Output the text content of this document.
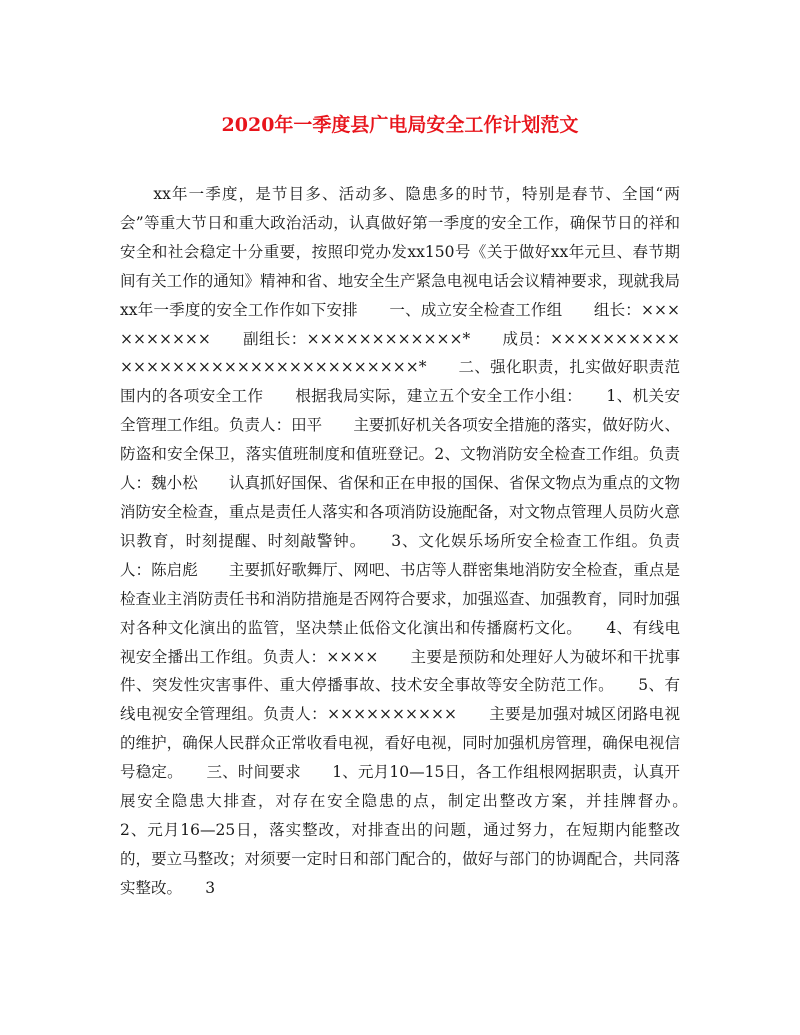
2020年一季度县广电局安全工作计划范文

　　xx年一季度，是节目多、活动多、隐患多的时节，特别是春节、全国“两会”等重大节日和重大政治活动，认真做好第一季度的安全工作，确保节日的祥和安全和社会稳定十分重要，按照印党办发xx150号《关于做好xx年元旦、春节期间有关工作的通知》精神和省、地安全生产紧急电视电话会议精神要求，现就我局xx年一季度的安全工作作如下安排　　一、成立安全检查工作组　　组长：××××××××××　　副组长：××××××××××××*　　成员：×××××××××××××××××××××××××××××××××*　　二、强化职责，扎实做好职责范围内的各项安全工作　　根据我局实际，建立五个安全工作小组：　　1、机关安全管理工作组。负责人：田平　　主要抓好机关各项安全措施的落实，做好防火、防盗和安全保卫，落实值班制度和值班登记。2、文物消防安全检查工作组。负责人：魏小松　　认真抓好国保、省保和正在申报的国保、省保文物点为重点的文物消防安全检查，重点是责任人落实和各项消防设施配备，对文物点管理人员防火意识教育，时刻提醒、时刻敲警钟。　　3、文化娱乐场所安全检查工作组。负责人：陈启彪　　主要抓好歌舞厅、网吧、书店等人群密集地消防安全检查，重点是检查业主消防责任书和消防措施是否网符合要求，加强巡查、加强教育，同时加强对各种文化演出的监管，坚决禁止低俗文化演出和传播腐朽文化。　　4、有线电视安全播出工作组。负责人：××××　　主要是预防和处理好人为破坏和干扰事件、突发性灾害事件、重大停播事故、技术安全事故等安全防范工作。　　5、有线电视安全管理组。负责人：××××××××××　　主要是加强对城区闭路电视的维护，确保人民群众正常收看电视，看好电视，同时加强机房管理，确保电视信号稳定。　　三、时间要求　　1、元月10—15日，各工作组根网据职责，认真开展安全隐患大排查，对存在安全隐患的点，制定出整改方案，并挂牌督办。　　2、元月16—25日，落实整改，对排查出的问题，通过努力，在短期内能整改的，要立马整改；对须要一定时日和部门配合的，做好与部门的协调配合，共同落实整改。　　3
